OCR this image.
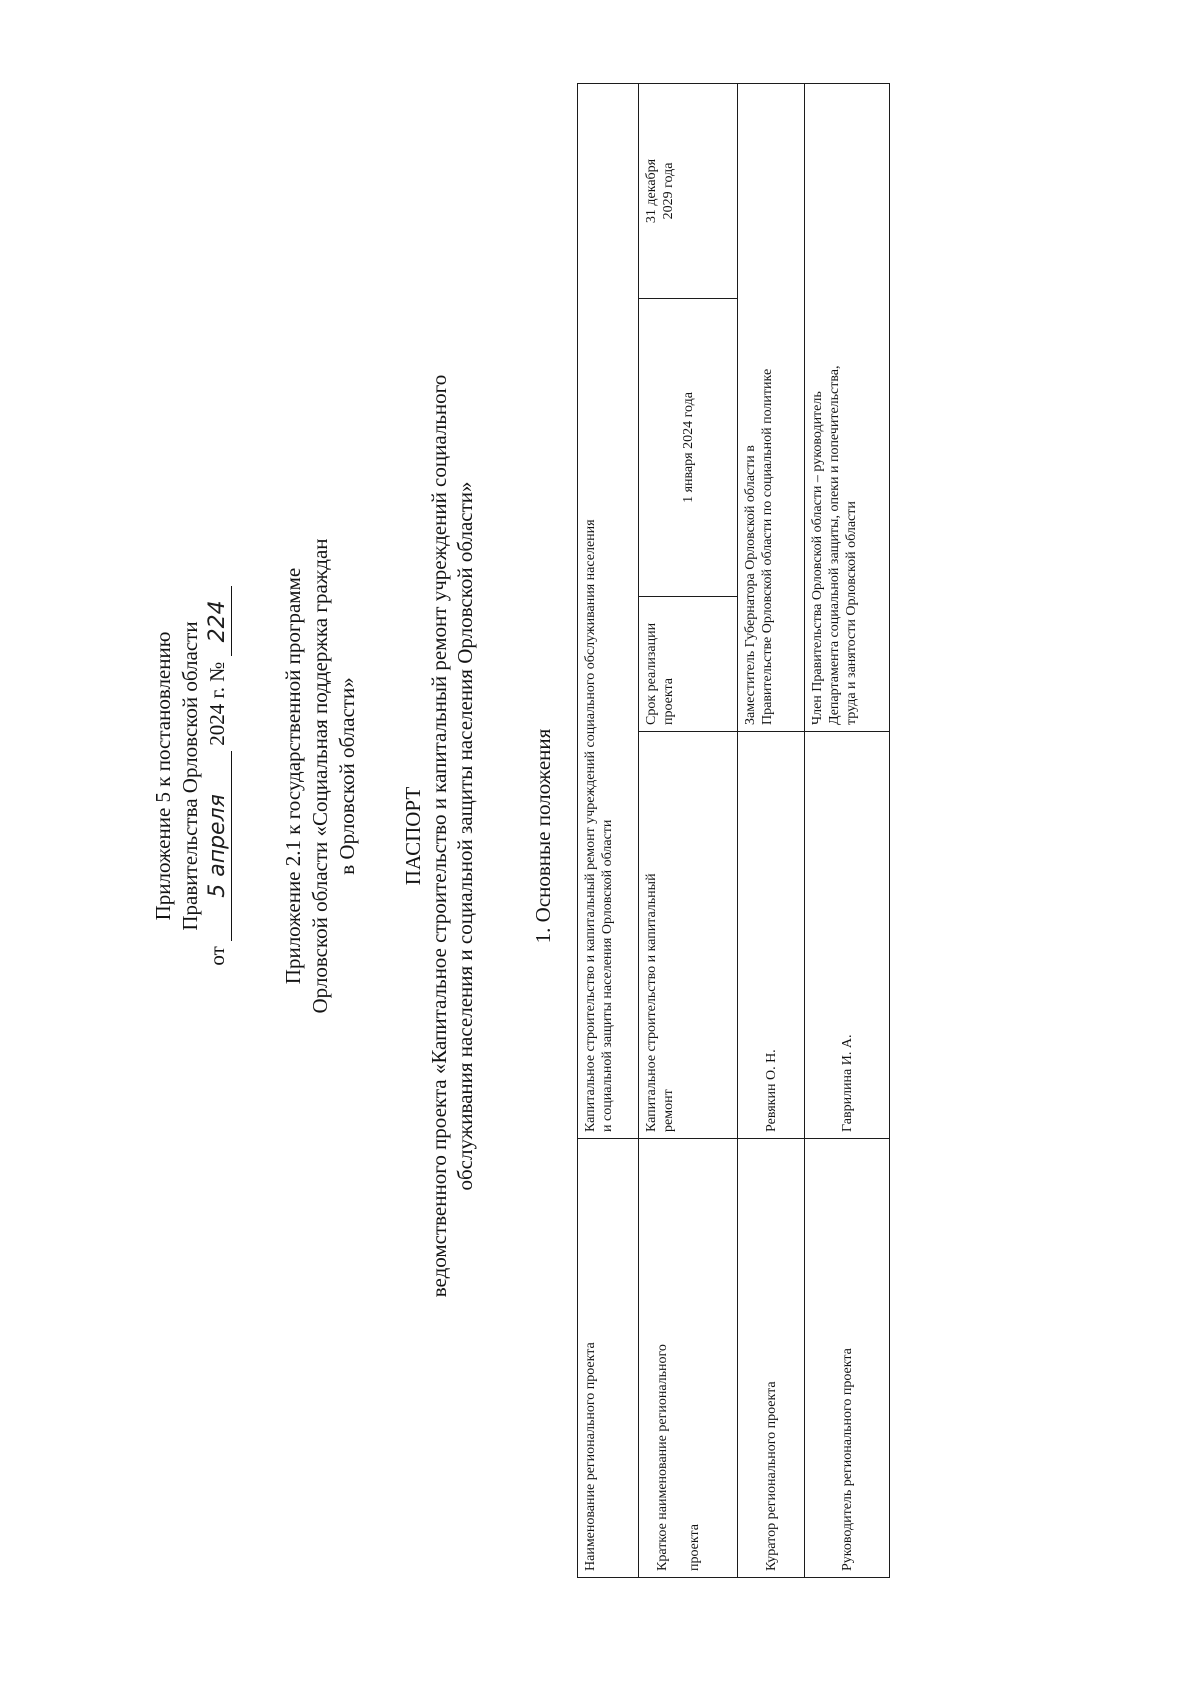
Приложение 5 к постановлению Правительства Орловской области
от 5 апреля 2024 г. № 224 Приложение 2.1 к государственной программе Орловской области «Социальная поддержка граждан в Орловской области» ПАСПОРТ ведомственного проекта «Капитальное строительство и капитальный ремонт учреждений социального обслуживания населения и социальной защиты населения Орловской области»	1. Основные положения
Наименование регионального проекта	Капитальное строительство и капитальный ремонт учреждений социального обслуживания населения
и социальной защиты населения Орловской области			
Краткое наименование регионального
проекта	Капитальное строительство и капитальный
ремонт	Срок реализации
проекта	1 января 2024 года	31 декабря
2029 года
Куратор регионального проекта	Ревякин О. Н.	Заместитель Губернатора Орловской области в
Правительстве Орловской области по социальной политике		
Руководитель регионального проекта	Гаврилина И. А.	Член Правительства Орловской области – руководитель
Департамента социальной защиты, опеки и попечительства,
труда и занятости Орловской области		
